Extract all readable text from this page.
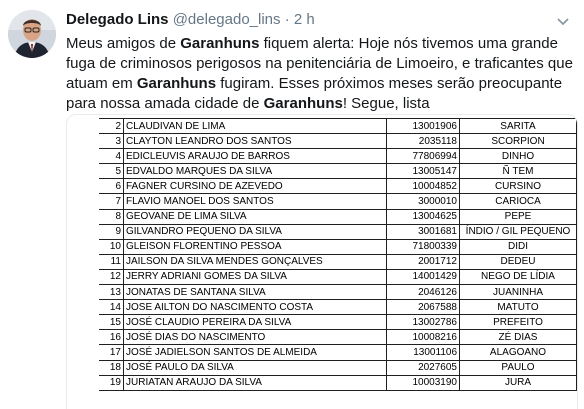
Delegado Lins @delegado_lins · 2 h
Meus amigos de Garanhuns fiquem alerta: Hoje nós tivemos uma grande fuga de criminosos perigosos na penitenciária de Limoeiro, e traficantes que atuam em Garanhuns fugiram. Esses próximos meses serão preocupante para nossa amada cidade de Garanhuns! Segue, lista
2	CLAUDIVAN DE LIMA	13001906	SARITA
3	CLAYTON LEANDRO DOS SANTOS	2035118	SCORPION
4	EDICLEUVIS ARAUJO DE BARROS	77806994	DINHO
5	EDVALDO MARQUES DA SILVA	13005147	Ñ TEM
6	FAGNER CURSINO DE AZEVEDO	10004852	CURSINO
7	FLAVIO MANOEL DOS SANTOS	3000010	CARIOCA
8	GEOVANE DE LIMA SILVA	13004625	PEPE
9	GILVANDRO PEQUENO DA SILVA	3001681	ÍNDIO / GIL PEQUENO
10	GLEISON FLORENTINO PESSOA	71800339	DIDI
11	JAILSON DA SILVA MENDES GONÇALVES	2001712	DEDEU
12	JERRY ADRIANI GOMES DA SILVA	14001429	NEGO DE LÍDIA
13	JONATAS DE SANTANA SILVA	2046126	JUANINHA
14	JOSE AILTON DO NASCIMENTO COSTA	2067588	MATUTO
15	JOSÉ CLAUDIO PEREIRA DA SILVA	13002786	PREFEITO
16	JOSÉ DIAS DO NASCIMENTO	10008216	ZÉ DIAS
17	JOSÉ JADIELSON SANTOS DE ALMEIDA	13001106	ALAGOANO
18	JOSÉ PAULO DA SILVA	2027605	PAULO
19	JURIATAN ARAUJO DA SILVA	10003190	JURA
